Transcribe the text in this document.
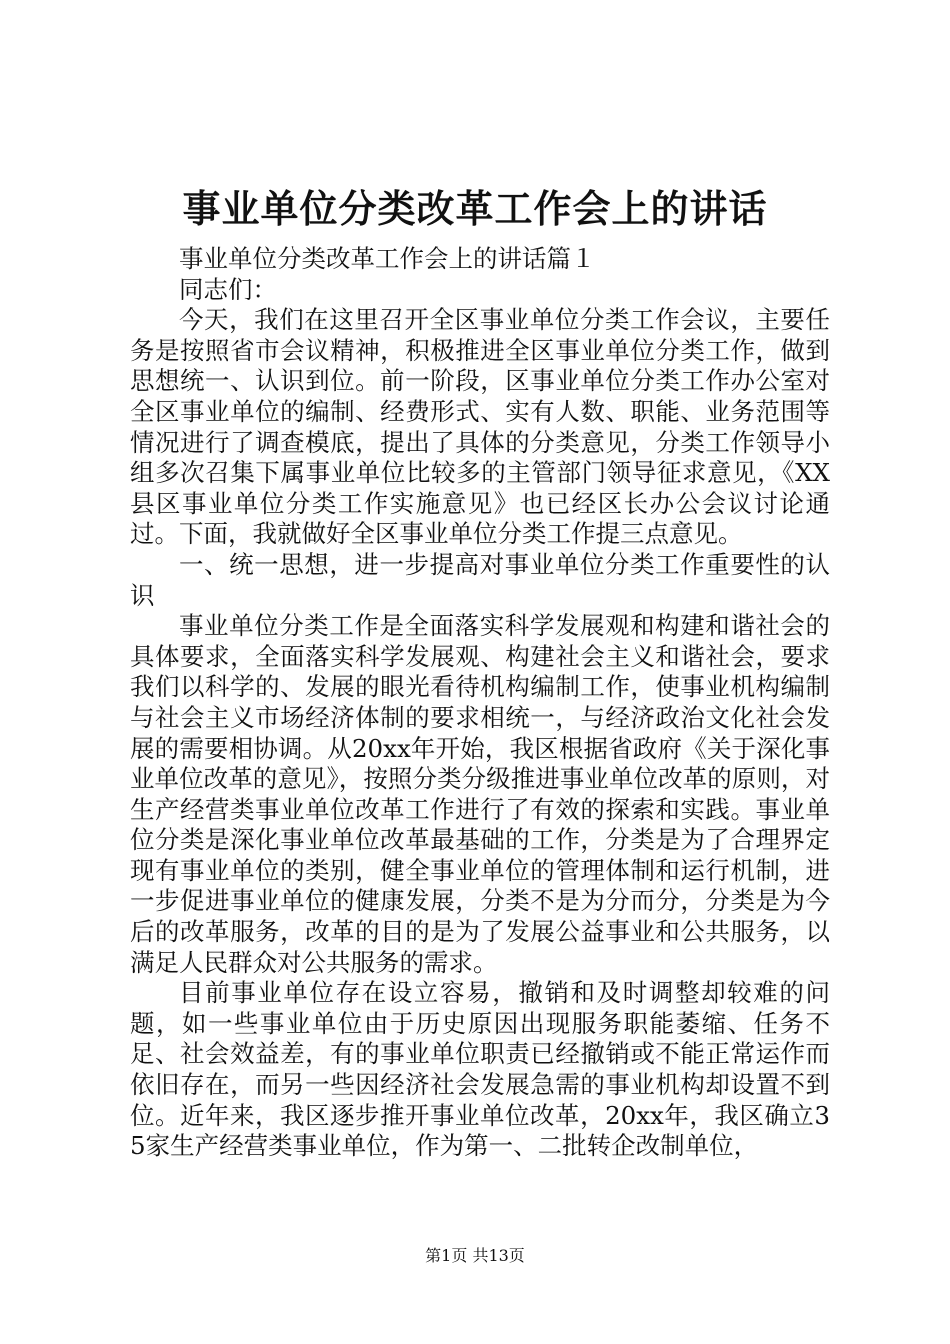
事业单位分类改革工作会上的讲话

事业单位分类改革工作会上的讲话篇１

同志们：

今天，我们在这里召开全区事业单位分类工作会议，主要任务是按照省市会议精神，积极推进全区事业单位分类工作，做到思想统一、认识到位。前一阶段，区事业单位分类工作办公室对全区事业单位的编制、经费形式、实有人数、职能、业务范围等情况进行了调查模底，提出了具体的分类意见，分类工作领导小组多次召集下属事业单位比较多的主管部门领导征求意见，《XX县区事业单位分类工作实施意见》也已经区长办公会议讨论通过。下面，我就做好全区事业单位分类工作提三点意见。

一、统一思想，进一步提高对事业单位分类工作重要性的认识

事业单位分类工作是全面落实科学发展观和构建和谐社会的具体要求，全面落实科学发展观、构建社会主义和谐社会，要求我们以科学的、发展的眼光看待机构编制工作，使事业机构编制与社会主义市场经济体制的要求相统一，与经济政治文化社会发展的需要相协调。从20xx年开始，我区根据省政府《关于深化事业单位改革的意见》，按照分类分级推进事业单位改革的原则，对生产经营类事业单位改革工作进行了有效的探索和实践。事业单位分类是深化事业单位改革最基础的工作，分类是为了合理界定现有事业单位的类别，健全事业单位的管理体制和运行机制，进一步促进事业单位的健康发展，分类不是为分而分，分类是为今后的改革服务，改革的目的是为了发展公益事业和公共服务，以满足人民群众对公共服务的需求。

目前事业单位存在设立容易，撤销和及时调整却较难的问题，如一些事业单位由于历史原因出现服务职能萎缩、任务不足、社会效益差，有的事业单位职责已经撤销或不能正常运作而依旧存在，而另一些因经济社会发展急需的事业机构却设置不到位。近年来，我区逐步推开事业单位改革，20xx年，我区确立35家生产经营类事业单位，作为第一、二批转企改制单位，

第1页 共13页
